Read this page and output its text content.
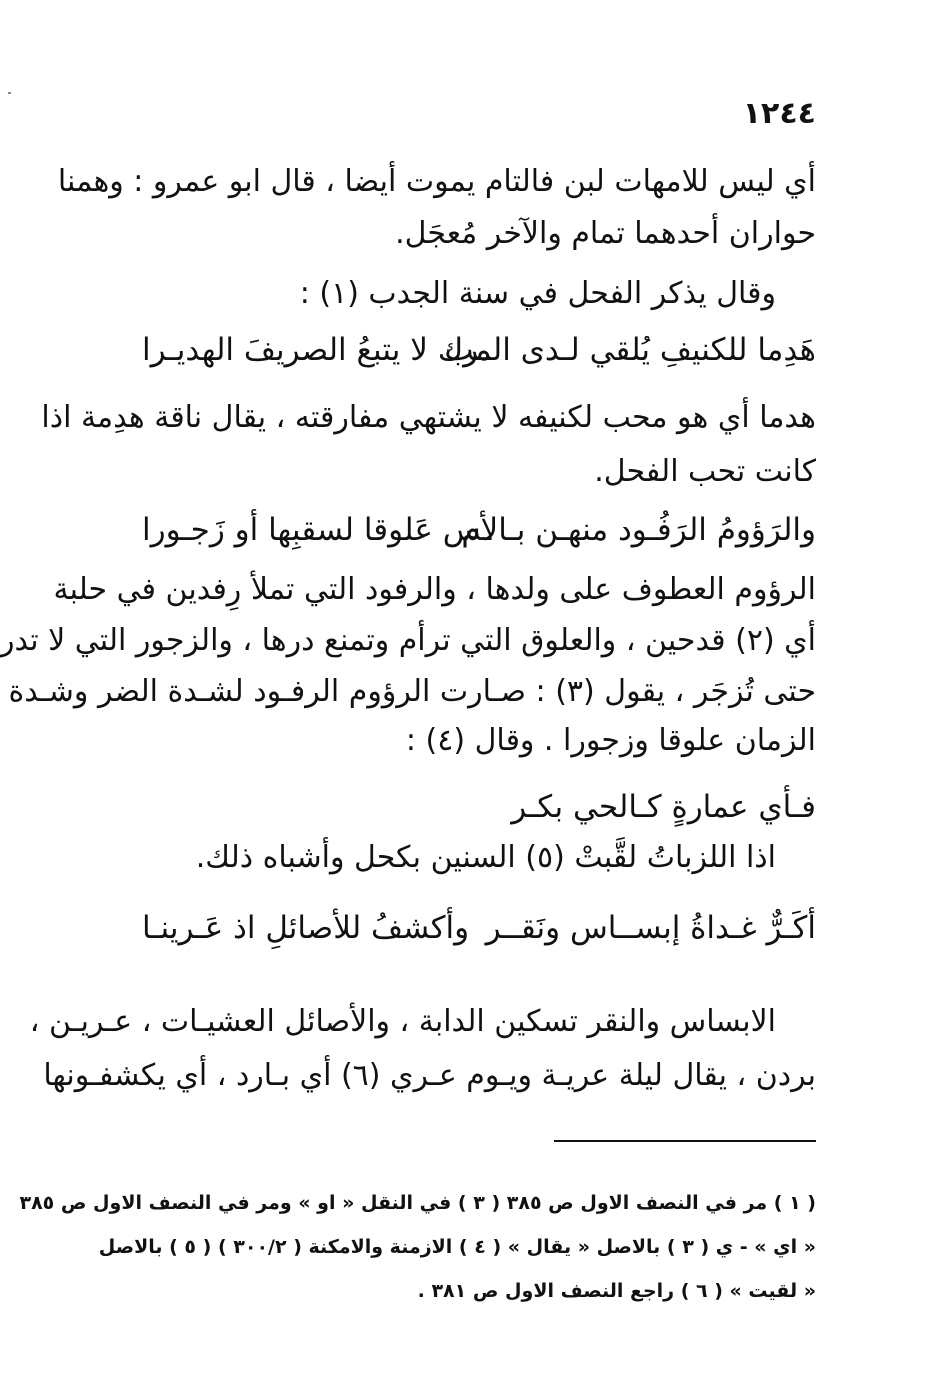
١٢٤٤
أي ليس للامهات لبن فالتام يموت أيضا ، قال ابو عمرو : وهمنا
حواران أحدهما تمام والآخر مُعجَل.
وقال يذكر الفحل في سنة الجدب (١) :
هَدِما للكنيفِ يُلقي لـدى المب
ـرك لا يتبعُ الصريفَ الهديـرا
هدما أي هو محب لكنيفه لا يشتهي مفارقته ، يقال ناقة هدِمة اذا
كانت تحب الفحل.
والرَؤومُ الرَفُـود منهـن بـالأم
ـس عَلوقا لسقبِها أو زَجـورا
الرؤوم العطوف على ولدها ، والرفود التي تملأ رِفدين في حلبة
أي (٢) قدحين ، والعلوق التي ترأم وتمنع درها ، والزجور التي لا تدر
حتى تُزجَر ، يقول (٣) : صـارت الرؤوم الرفـود لشـدة الضر وشـدة
الزمان علوقا وزجورا . وقال (٤) :
فـأي عمارةٍ كـالحي بكـر
اذا اللزباتُ لقَّبتْ (٥) السنين بكحل وأشباه ذلك.
أكَـرٌّ غـداةُ إبســاس ونَقــر
وأكشفُ للأصائلِ اذ عَـرينـا
الابساس والنقر تسكين الدابة ، والأصائل العشيـات ، عـريـن ،
بردن ، يقال ليلة عريـة ويـوم عـري (٦) أي بـارد ، أي يكشفـونها
( ١ ) مر في النصف الاول ص ٣٨٥ ( ٣ ) في النقل « او » ومر في النصف الاول ص ٣٨٥
« اي » - ي ( ٣ ) بالاصل « يقال » ( ٤ ) الازمنة والامكنة ( ٣٠٠/٢ ) ( ٥ ) بالاصل
« لقيت » ( ٦ ) راجع النصف الاول ص ٣٨١ .
